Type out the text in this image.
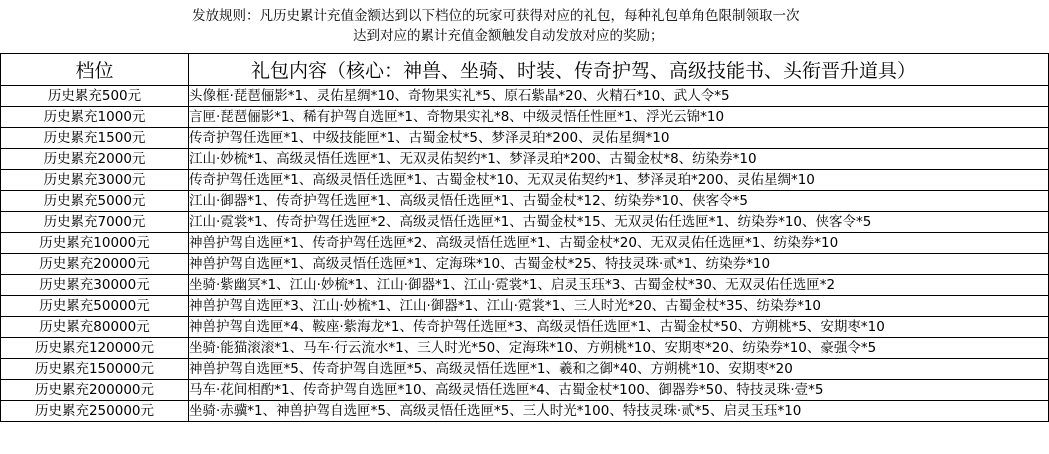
发放规则：凡历史累计充值金额达到以下档位的玩家可获得对应的礼包，每种礼包单角色限制领取一次
达到对应的累计充值金额触发自动发放对应的奖励；
档位	礼包内容（核心：神兽、坐骑、时装、传奇护驾、高级技能书、头衔晋升道具）
历史累充500元	头像框·琵琶俪影*1、灵佑星绸*10、奇物果实礼*5、原石紫晶*20、火精石*10、武人令*5
历史累充1000元	言匣·琵琶俪影*1、稀有护驾自选匣*1、奇物果实礼*8、中级灵悟任性匣*1、浮光云锦*10
历史累充1500元	传奇护驾任选匣*1、中级技能匣*1、古蜀金杖*5、梦泽灵珀*200、灵佑星绸*10
历史累充2000元	江山·妙梳*1、高级灵悟任选匣*1、无双灵佑契约*1、梦泽灵珀*200、古蜀金杖*8、纺染券*10
历史累充3000元	传奇护驾任选匣*1、高级灵悟任选匣*1、古蜀金杖*10、无双灵佑契约*1、梦泽灵珀*200、灵佑星绸*10
历史累充5000元	江山·御器*1、传奇护驾任选匣*1、高级灵悟任选匣*1、古蜀金杖*12、纺染券*10、侠客令*5
历史累充7000元	江山·霓裳*1、传奇护驾任选匣*2、高级灵悟任选匣*1、古蜀金杖*15、无双灵佑任选匣*1、纺染券*10、侠客令*5
历史累充10000元	神兽护驾自选匣*1、传奇护驾任选匣*2、高级灵悟任选匣*1、古蜀金杖*20、无双灵佑任选匣*1、纺染券*10
历史累充20000元	神兽护驾自选匣*1、高级灵悟任选匣*1、定海珠*10、古蜀金杖*25、特技灵珠·贰*1、纺染券*10
历史累充30000元	坐骑·紫幽冥*1、江山·妙梳*1、江山·御器*1、江山·霓裳*1、启灵玉珏*3、古蜀金杖*30、无双灵佑任选匣*2
历史累充50000元	神兽护驾自选匣*3、江山·妙梳*1、江山·御器*1、江山·霓裳*1、三人时光*20、古蜀金杖*35、纺染券*10
历史累充80000元	神兽护驾自选匣*4、鞍座·紫海龙*1、传奇护驾任选匣*3、高级灵悟任选匣*1、古蜀金杖*50、方朔桃*5、安期枣*10
历史累充120000元	坐骑·能猫滚滚*1、马车·行云流水*1、三人时光*50、定海珠*10、方朔桃*10、安期枣*20、纺染券*10、豪强令*5
历史累充150000元	神兽护驾自选匣*5、传奇护驾自选匣*5、高级灵悟任选匣*1、羲和之御*40、方朔桃*10、安期枣*20
历史累充200000元	马车·花间相酌*1、传奇护驾自选匣*10、高级灵悟任选匣*4、古蜀金杖*100、御器券*50、特技灵珠·壹*5
历史累充250000元	坐骑·赤骥*1、神兽护驾自选匣*5、高级灵悟任选匣*5、三人时光*100、特技灵珠·贰*5、启灵玉珏*10
